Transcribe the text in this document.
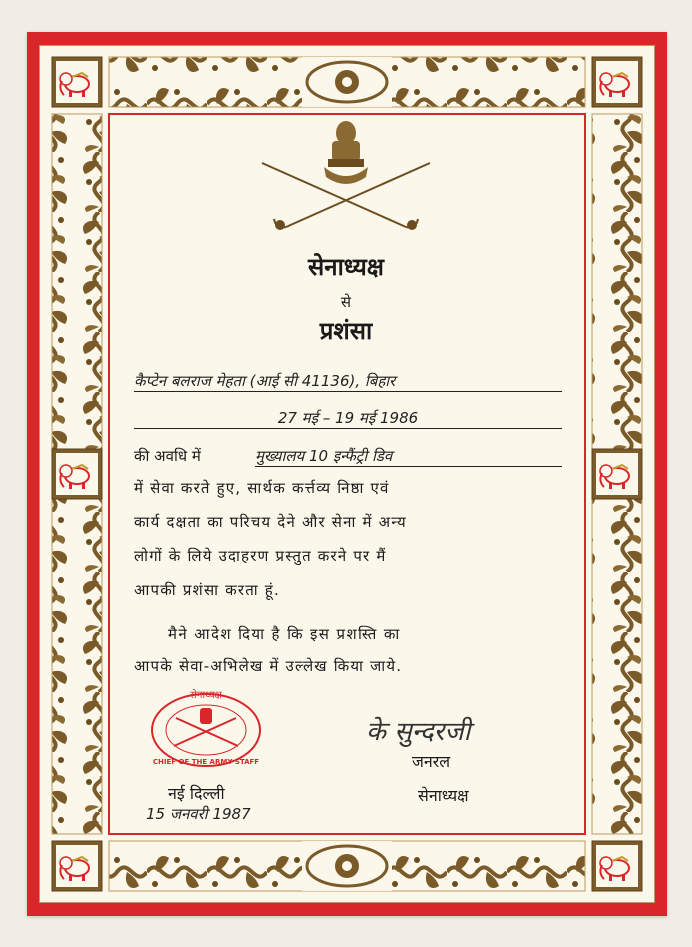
सेनाध्यक्ष
से
प्रशंसा
कैप्टेन बलराज मेहता (आई सी 41136), बिहार
27 मई – 19 मई 1986
की अवधि में	मुख्यालय 10 इन्फैंट्री डिव
में सेवा करते हुए, सार्थक कर्त्तव्य निष्ठा एवं
कार्य दक्षता का परिचय देने और सेना में अन्य
लोगों के लिये उदाहरण प्रस्तुत करने पर मैं
आपकी प्रशंसा करता हूं.
मैने आदेश दिया है कि इस प्रशस्ति का
आपके सेवा-अभिलेख में उल्लेख किया जाये.
सेनाध्यक्ष
CHIEF OF THE ARMY STAFF
नई दिल्ली
15 जनवरी 1987
के सुन्दरजी
जनरल
सेनाध्यक्ष
